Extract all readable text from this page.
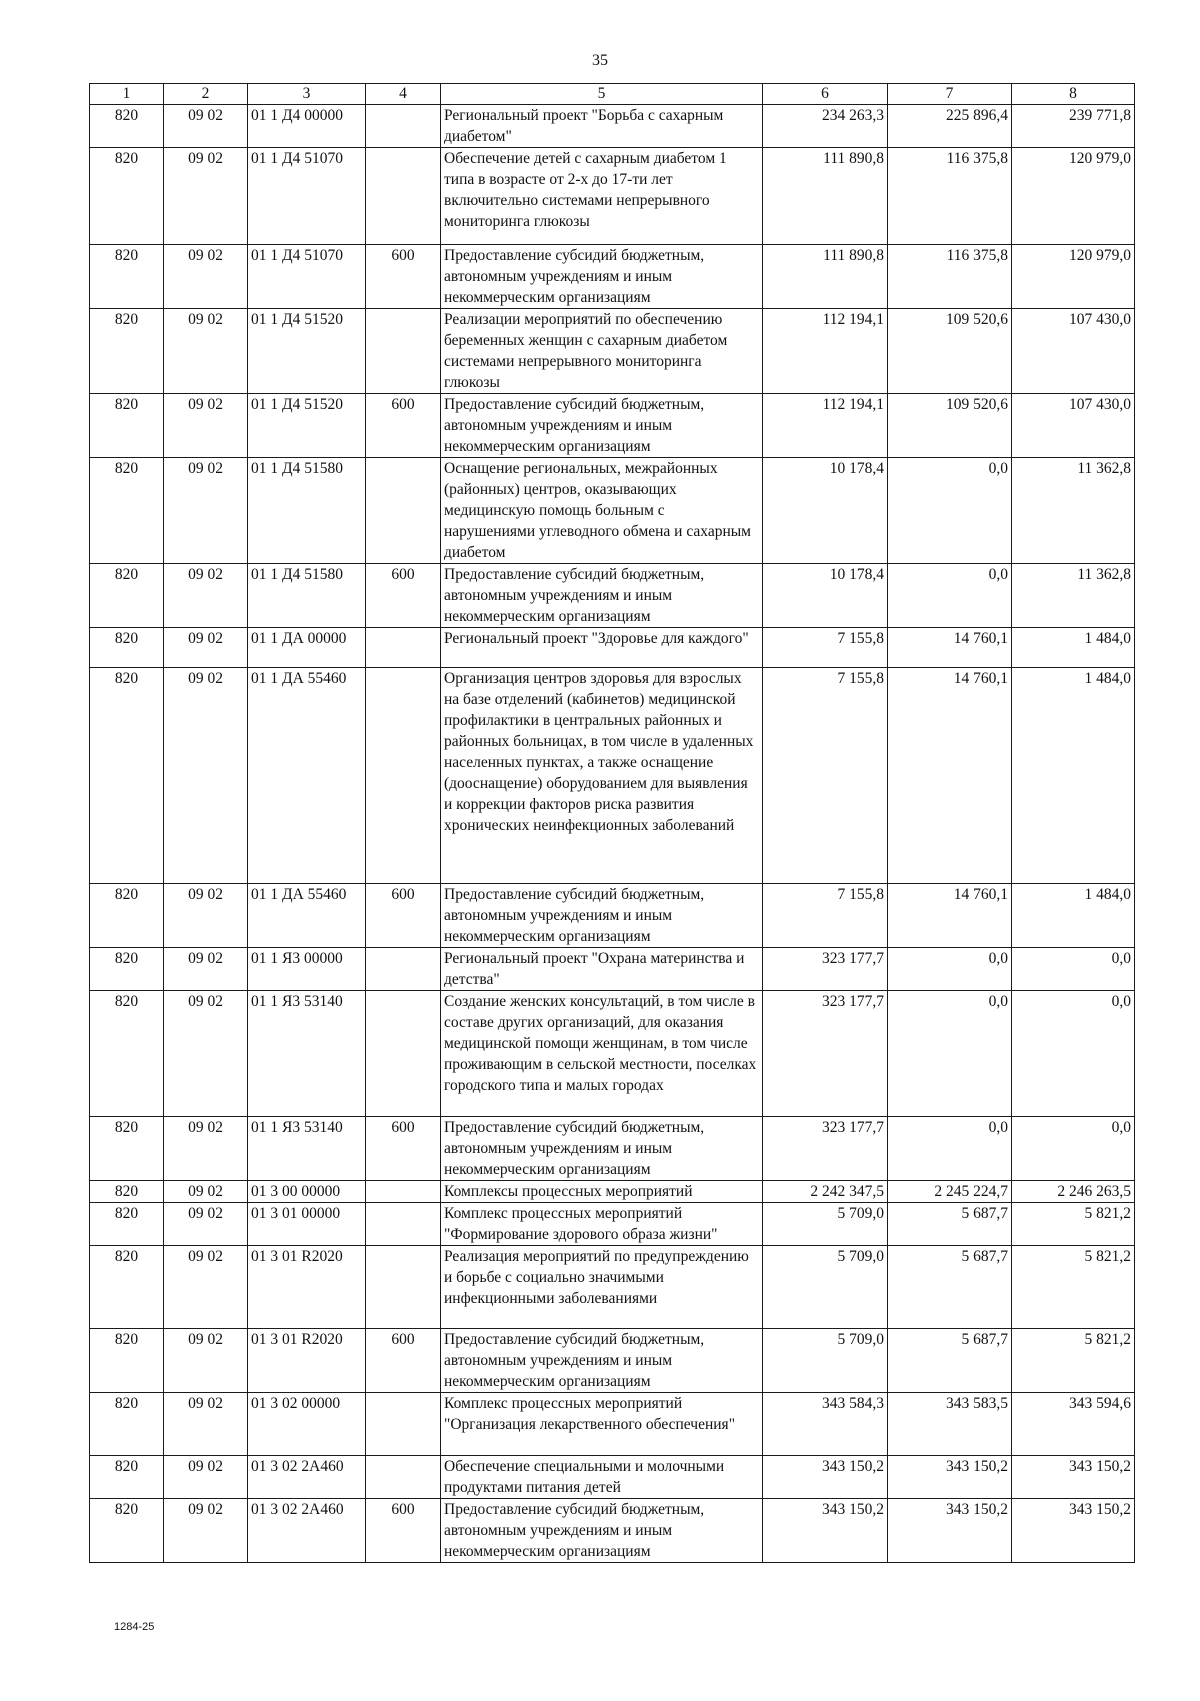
35
1	2	3	4	5	6	7	8
820	09 02	01 1 Д4 00000		Региональный проект "Борьба с сахарным диабетом"	234 263,3	225 896,4	239 771,8
820	09 02	01 1 Д4 51070		Обеспечение детей с сахарным диабетом 1 типа в возрасте от 2-х до 17-ти лет включительно системами непрерывного мониторинга глюкозы	111 890,8	116 375,8	120 979,0
820	09 02	01 1 Д4 51070	600	Предоставление субсидий бюджетным, автономным учреждениям и иным некоммерческим организациям	111 890,8	116 375,8	120 979,0
820	09 02	01 1 Д4 51520		Реализации мероприятий по обеспечению беременных женщин с сахарным диабетом системами непрерывного мониторинга глюкозы	112 194,1	109 520,6	107 430,0
820	09 02	01 1 Д4 51520	600	Предоставление субсидий бюджетным, автономным учреждениям и иным некоммерческим организациям	112 194,1	109 520,6	107 430,0
820	09 02	01 1 Д4 51580		Оснащение региональных, межрайонных (районных) центров, оказывающих медицинскую помощь больным с нарушениями углеводного обмена и сахарным диабетом	10 178,4	0,0	11 362,8
820	09 02	01 1 Д4 51580	600	Предоставление субсидий бюджетным, автономным учреждениям и иным некоммерческим организациям	10 178,4	0,0	11 362,8
820	09 02	01 1 ДА 00000		Региональный проект "Здоровье для каждого"	7 155,8	14 760,1	1 484,0
820	09 02	01 1 ДА 55460		Организация центров здоровья для взрослых на базе отделений (кабинетов) медицинской профилактики в центральных районных и районных больницах, в том числе в удаленных населенных пунктах, а также оснащение (дооснащение) оборудованием для выявления и коррекции факторов риска развития хронических неинфекционных заболеваний	7 155,8	14 760,1	1 484,0
820	09 02	01 1 ДА 55460	600	Предоставление субсидий бюджетным, автономным учреждениям и иным некоммерческим организациям	7 155,8	14 760,1	1 484,0
820	09 02	01 1 Я3 00000		Региональный проект "Охрана материнства и детства"	323 177,7	0,0	0,0
820	09 02	01 1 Я3 53140		Создание женских консультаций, в том числе в составе других организаций, для оказания медицинской помощи женщинам, в том числе проживающим в сельской местности, поселках городского типа и малых городах	323 177,7	0,0	0,0
820	09 02	01 1 Я3 53140	600	Предоставление субсидий бюджетным, автономным учреждениям и иным некоммерческим организациям	323 177,7	0,0	0,0
820	09 02	01 3 00 00000		Комплексы процессных мероприятий	2 242 347,5	2 245 224,7	2 246 263,5
820	09 02	01 3 01 00000		Комплекс процессных мероприятий "Формирование здорового образа жизни"	5 709,0	5 687,7	5 821,2
820	09 02	01 3 01 R2020		Реализация мероприятий по предупреждению и борьбе с социально значимыми инфекционными заболеваниями	5 709,0	5 687,7	5 821,2
820	09 02	01 3 01 R2020	600	Предоставление субсидий бюджетным, автономным учреждениям и иным некоммерческим организациям	5 709,0	5 687,7	5 821,2
820	09 02	01 3 02 00000		Комплекс процессных мероприятий "Организация лекарственного обеспечения"	343 584,3	343 583,5	343 594,6
820	09 02	01 3 02 2А460		Обеспечение специальными и молочными продуктами питания детей	343 150,2	343 150,2	343 150,2
820	09 02	01 3 02 2А460	600	Предоставление субсидий бюджетным, автономным учреждениям и иным некоммерческим организациям	343 150,2	343 150,2	343 150,2
1284-25
